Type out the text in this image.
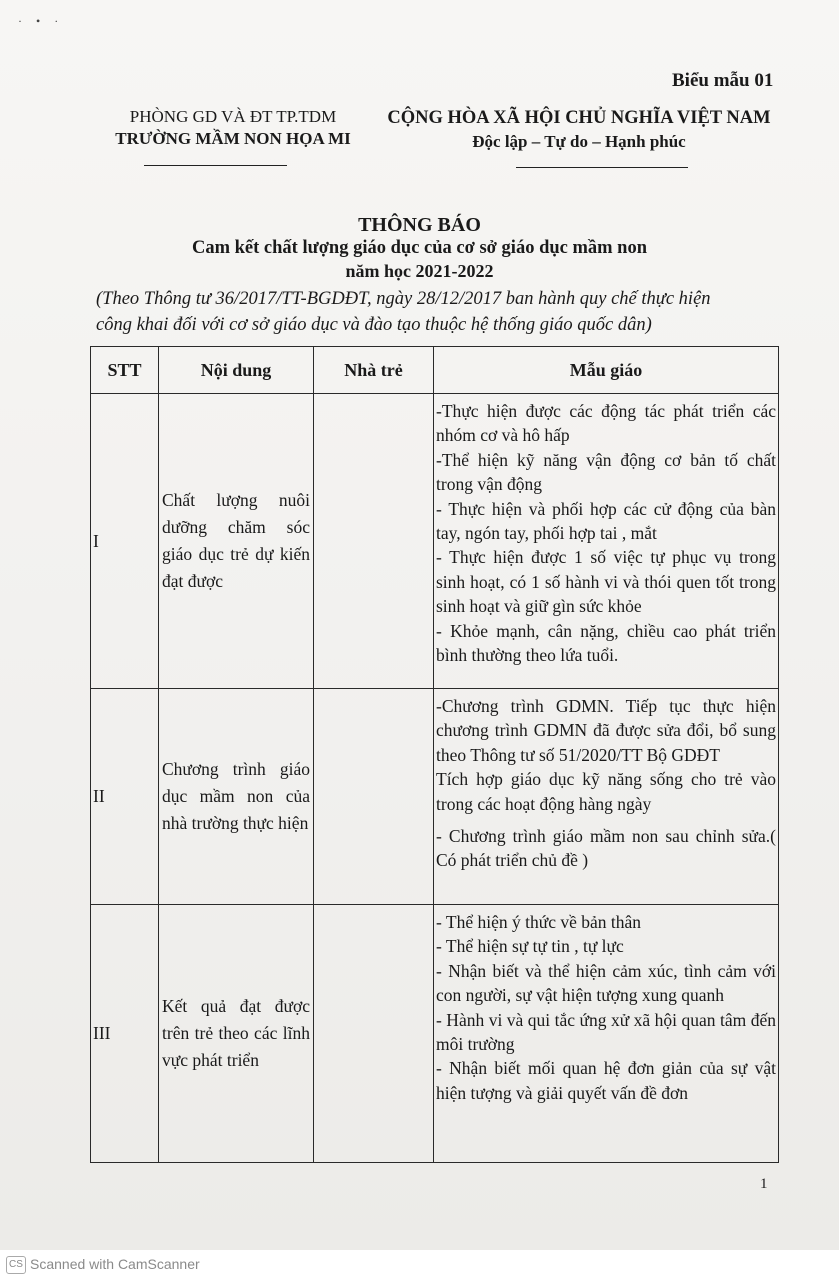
·•·
Biểu mẫu 01
PHÒNG GD VÀ ĐT TP.TDM
TRƯỜNG MẦM NON HỌA MI
CỘNG HÒA XÃ HỘI CHỦ NGHĨA VIỆT NAM
Độc lập – Tự do – Hạnh phúc
THÔNG BÁO
Cam kết chất lượng giáo dục của cơ sở giáo dục mầm non
năm học 2021-2022
(Theo Thông tư 36/2017/TT-BGDĐT, ngày 28/12/2017 ban hành quy chế thực hiện
công khai đối với cơ sở giáo dục và đào tạo thuộc hệ thống giáo quốc dân)
STT	Nội dung	Nhà trẻ	Mẫu giáo
I	Chất lượng nuôi dưỡng chăm sóc giáo dục trẻ dự kiến đạt được		-Thực hiện được các động tác phát triển các nhóm cơ và hô hấp
-Thể hiện kỹ năng vận động cơ bản tố chất trong vận động
- Thực hiện và phối hợp các cử động của bàn tay, ngón tay, phối hợp tai , mắt
- Thực hiện được 1 số việc tự phục vụ trong sinh hoạt, có 1 số hành vi và thói quen tốt trong sinh hoạt và giữ gìn sức khỏe
- Khỏe mạnh, cân nặng, chiều cao phát triển bình thường theo lứa tuổi.

II	Chương trình giáo dục mầm non của nhà trường thực hiện		-Chương trình GDMN. Tiếp tục thực hiện chương trình GDMN đã được sửa đổi, bổ sung theo Thông tư số 51/2020/TT Bộ GDĐT
Tích hợp giáo dục kỹ năng sống cho trẻ vào trong các hoạt động hàng ngày
- Chương trình giáo mầm non sau chỉnh sửa.( Có phát triển chủ đề )

III	Kết quả đạt được trên trẻ theo các lĩnh vực phát triển		- Thể hiện ý thức về bản thân
- Thể hiện sự tự tin , tự lực
- Nhận biết và thể hiện cảm xúc, tình cảm với con người, sự vật hiện tượng xung quanh
- Hành vi và qui tắc ứng xử xã hội quan tâm đến môi trường
- Nhận biết mối quan hệ đơn giản của sự vật hiện tượng và giải quyết vấn đề đơn
1
CS Scanned with CamScanner
